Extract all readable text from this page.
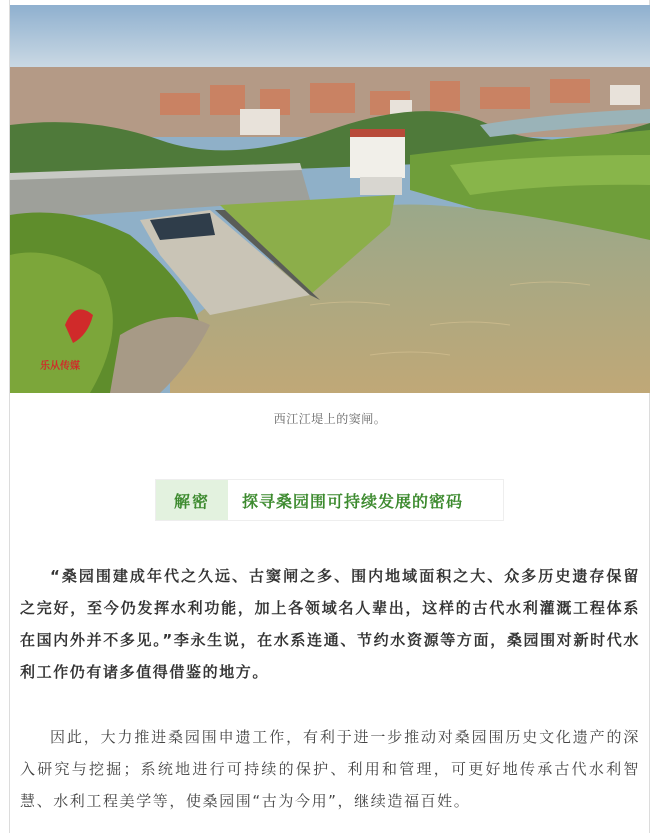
乐从传媒
西江江堤上的窦闸。
解密	探寻桑园围可持续发展的密码

“桑园围建成年代之久远、古窦闸之多、围内地域面积之大、众多历史遗存保留之完好，至今仍发挥水利功能，加上各领域名人辈出，这样的古代水利灌溉工程体系在国内外并不多见。”李永生说，在水系连通、节约水资源等方面，桑园围对新时代水利工作仍有诸多值得借鉴的地方。

因此，大力推进桑园围申遗工作，有利于进一步推动对桑园围历史文化遗产的深入研究与挖掘；系统地进行可持续的保护、利用和管理，可更好地传承古代水利智慧、水利工程美学等，使桑园围“古为今用”，继续造福百姓。
